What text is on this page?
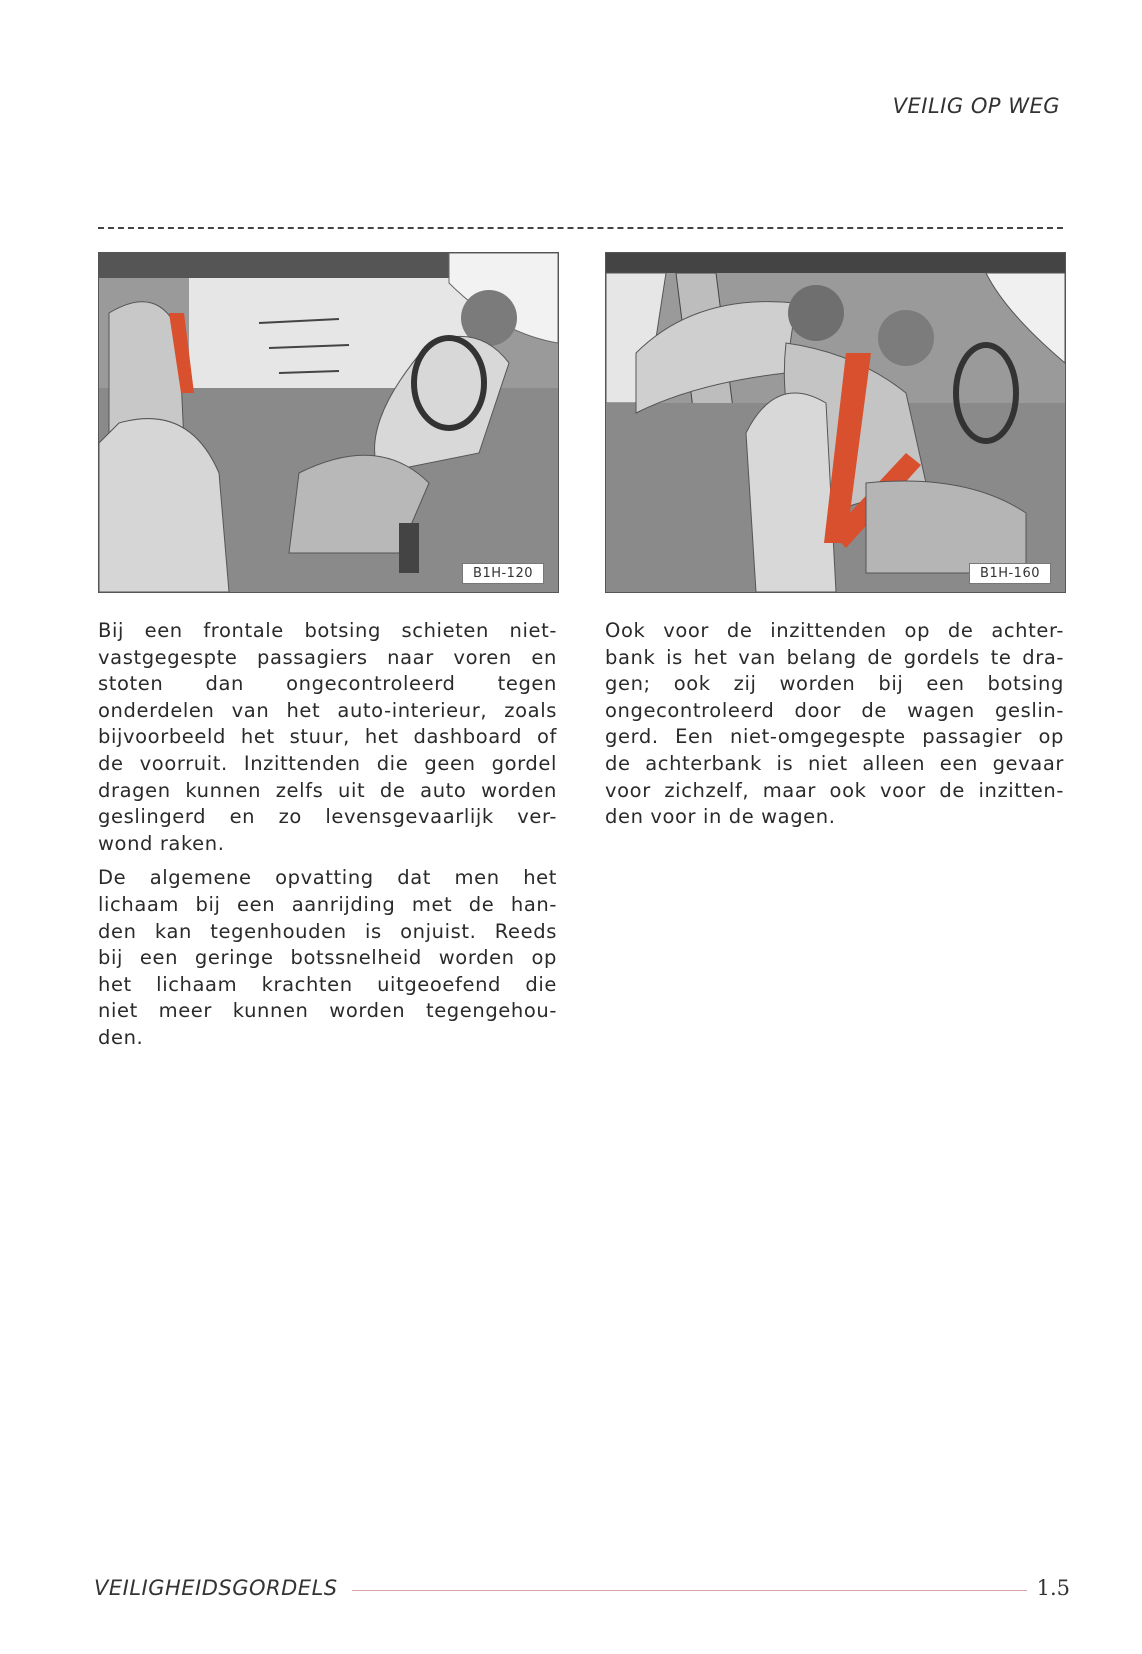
VEILIG OP WEG
B1H-120	B1H-160

Bij een frontale botsing schieten niet-
vastgegespte passagiers naar voren en
stoten dan ongecontroleerd tegen
onderdelen van het auto-interieur, zoals
bijvoorbeeld het stuur, het dashboard of
de voorruit. Inzittenden die geen gordel
dragen kunnen zelfs uit de auto worden
geslingerd en zo levensgevaarlijk ver-
wond raken.

De algemene opvatting dat men het
lichaam bij een aanrijding met de han-
den kan tegenhouden is onjuist. Reeds
bij een geringe botssnelheid worden op
het lichaam krachten uitgeoefend die
niet meer kunnen worden tegengehou-
den.

Ook voor de inzittenden op de achter-
bank is het van belang de gordels te dra-
gen; ook zij worden bij een botsing
ongecontroleerd door de wagen geslin-
gerd. Een niet-omgegespte passagier op
de achterbank is niet alleen een gevaar
voor zichzelf, maar ook voor de inzitten-
den voor in de wagen.

VEILIGHEIDSGORDELS	1.5
